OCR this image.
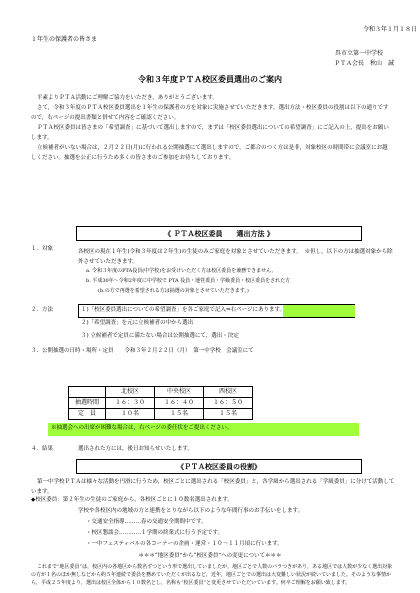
令和３年１月１８日
１年生の保護者の皆さま
呉市立第一中学校
ＰＴＡ会長　秋山　誠
令和３年度ＰＴＡ校区委員選出のご案内
平素よりＰＴＡ活動にご理解ご協力をいただき，ありがとうございます。
さて，令和３年度のＰＴＡ校区委員選出を１年生の保護者の方を対象に実施させていただきます。選出方法・校区委員の役割は以下の通りですので，右ページの提出書類と併せて内容をご確認ください。
ＰＴＡ校区委員は皆さまの「希望調査」に基づいて選出しますので，まずは「校区委員選出についての希望調査」にご記入の上，提出をお願いします。
立候補者がいない場合は，２月２２日(月)に行われる公開抽選にて選出しますので，ご都合のつく方は是非，対象校区の時間帯に会議室にお越しください。抽選を公正に行うため多くの皆さまのご参加をお待ちしております。
《 ＰＴＡ校区委員　　選出方法 》
１．対象	各校区の現在１年生(令和３年度は２年生)の生徒のみご家庭を対象とさせていただきます。　※但し，以下の方は抽選対象から除外させていただきます。
a. 令和３年度のPTA役員(中学校)をお受けいただく方は校区委員を兼務できません。
b. 平成30年～令和2年度に中学校で PTA 役員・運営委員・学級委員・校区委員をされた方
(b.の方で再選を希望される方は抽選の対象とさせていただきます。)
２．方法	１)「校区委員選出についての希望調査」を各ご家庭で記入⇒右ページにあります。
２)「希望調査」を元に立候補者の中から選出
３) 立候補者で定員に満たない場合は公開抽選にて，選出・決定
３．公開抽選の日時・場所・定員　　令和３年２月２２日（月）　第一中学校　会議室にて
	北校区	中央校区	西校区
抽選時間	１６：３０	１６：４０	１６：５０
定　員	１０名	１５名	１５名
※抽選会への出席が困難な場合は，右ページの委任状をご提出ください。
４．結果	選出された方には，後日お知らせいたします。
《ＰＴＡ校区委員の役割》
第一中学校ＰＴＡは様々な活動を円滑に行うため，校区ごとに選出される「校区委員」と，各学級から選出される「学級委員」に分けて活動しています。
◆校区委員：第２年生の生徒のご家庭から，各校区ごとに１０数名選出されます。
学校や各校区内の地域の方と連携をとりながら以下のような年間行事のお手伝いをします。
・交通安全指導………春の交通安全期間中です。
・校区懇談会…………１学期の終業式に行う予定です。
・一中フェスティバルの各コーナーの企画・運営・１０～１１月頃に行います。
＊＊＊“地区委員”から“校区委員”への変更について＊＊＊
これまで“地区委員”は，校区内の各地区から数名ずつという形で選出していましたが，地区ごとで人数のバラつきがあり，ある地区では人数が少なく選出対象の方が１名のほか無しなどから約５年連続で委員を務めていただくが出るなど，近年，地区ごとでの選出は大変難しい状況が続いていました。そのような事情から，平成２５年度より，選出は校区全体から１０数名とし，名称も“校区委員”と変更させていただいています。何卒ご理解をお願い致します。
